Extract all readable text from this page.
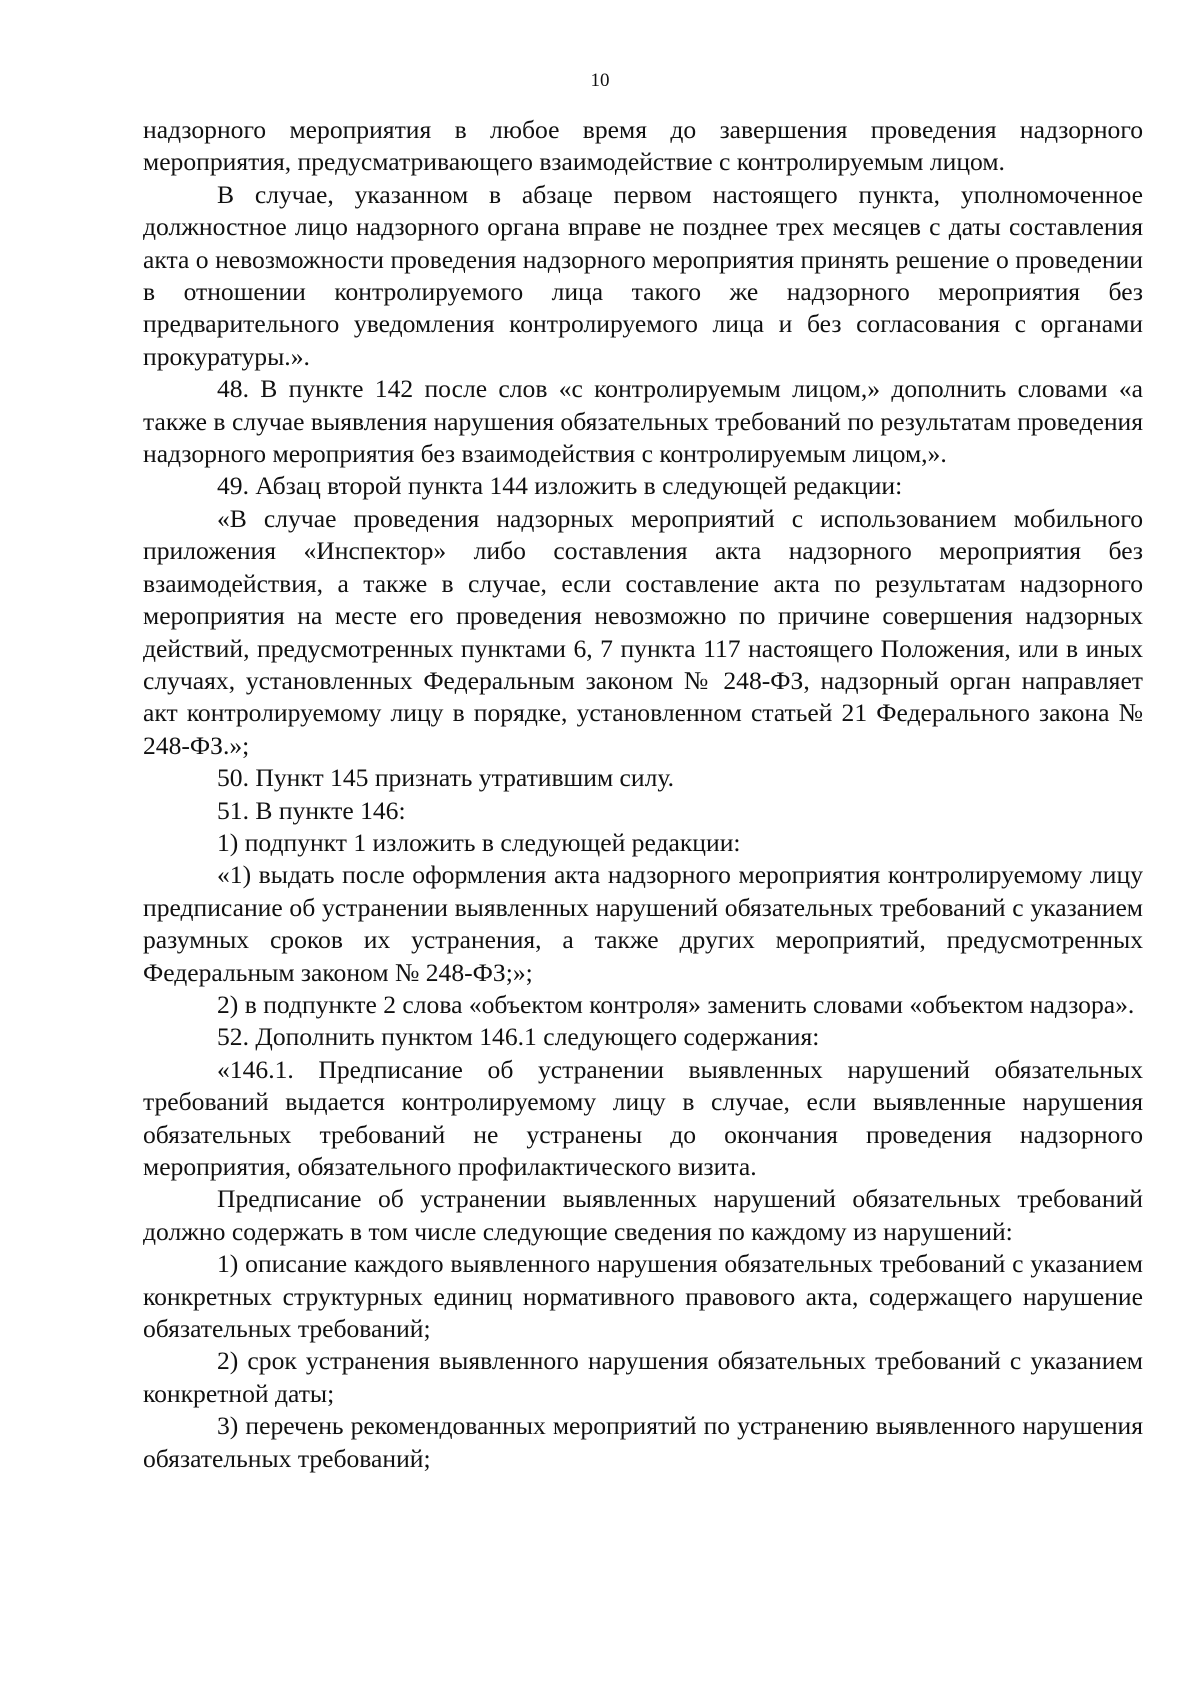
10

надзорного мероприятия в любое время до завершения проведения надзорного мероприятия, предусматривающего взаимодействие с контролируемым лицом.

В случае, указанном в абзаце первом настоящего пункта, уполномоченное должностное лицо надзорного органа вправе не позднее трех месяцев с даты составления акта о невозможности проведения надзорного мероприятия принять решение о проведении в отношении контролируемого лица такого же надзорного мероприятия без предварительного уведомления контролируемого лица и без согласования с органами прокуратуры.».

48. В пункте 142 после слов «с контролируемым лицом,» дополнить словами «а также в случае выявления нарушения обязательных требований по результатам проведения надзорного мероприятия без взаимодействия с контролируемым лицом,».

49. Абзац второй пункта 144 изложить в следующей редакции:

«В случае проведения надзорных мероприятий с использованием мобильного приложения «Инспектор» либо составления акта надзорного мероприятия без взаимодействия, а также в случае, если составление акта по результатам надзорного мероприятия на месте его проведения невозможно по причине совершения надзорных действий, предусмотренных пунктами 6, 7 пункта 117 настоящего Положения, или в иных случаях, установленных Федеральным законом № 248-ФЗ, надзорный орган направляет акт контролируемому лицу в порядке, установленном статьей 21 Федерального закона № 248-ФЗ.»;

50. Пункт 145 признать утратившим силу.

51. В пункте 146:

1) подпункт 1 изложить в следующей редакции:

«1) выдать после оформления акта надзорного мероприятия контролируемому лицу предписание об устранении выявленных нарушений обязательных требований с указанием разумных сроков их устранения, а также других мероприятий, предусмотренных Федеральным законом № 248-ФЗ;»;

2) в подпункте 2 слова «объектом контроля» заменить словами «объектом надзора».

52. Дополнить пунктом 146.1 следующего содержания:

«146.1. Предписание об устранении выявленных нарушений обязательных требований выдается контролируемому лицу в случае, если выявленные нарушения обязательных требований не устранены до окончания проведения надзорного мероприятия, обязательного профилактического визита.

Предписание об устранении выявленных нарушений обязательных требований должно содержать в том числе следующие сведения по каждому из нарушений:

1) описание каждого выявленного нарушения обязательных требований с указанием конкретных структурных единиц нормативного правового акта, содержащего нарушение обязательных требований;

2) срок устранения выявленного нарушения обязательных требований с указанием конкретной даты;

3) перечень рекомендованных мероприятий по устранению выявленного нарушения обязательных требований;
